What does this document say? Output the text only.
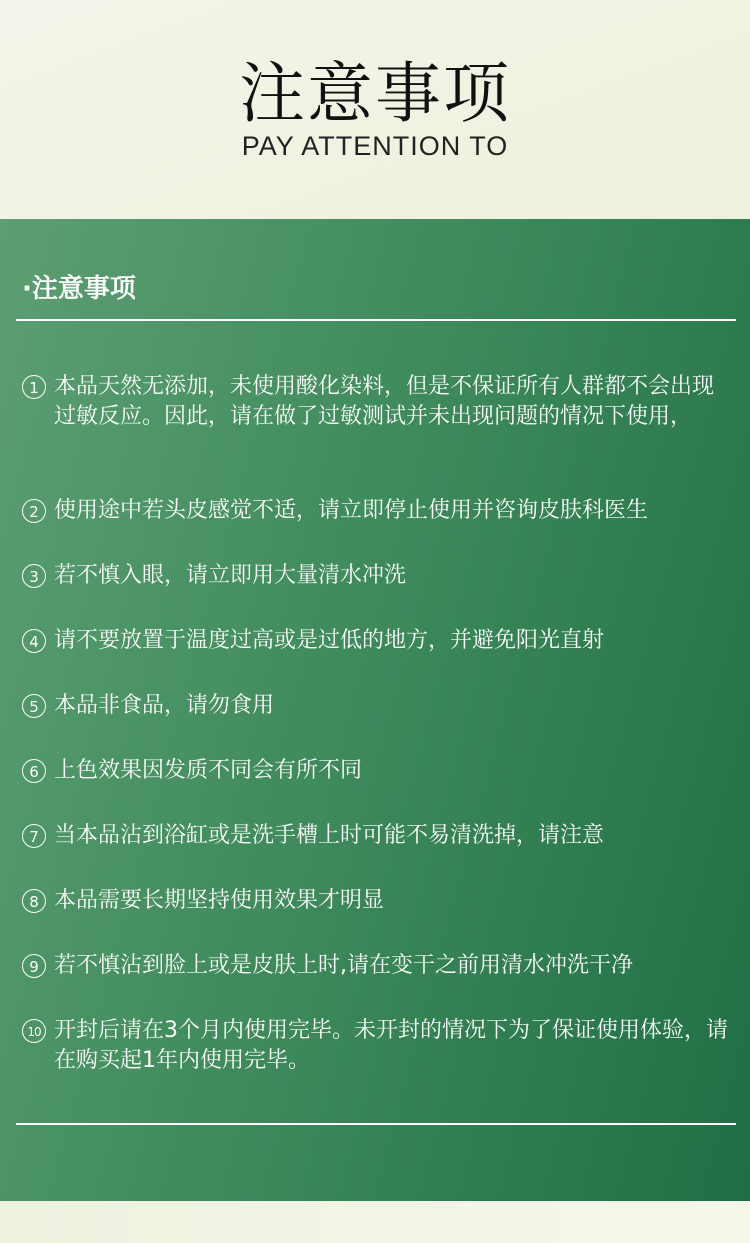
注意事项
PAY ATTENTION TO
·注意事项
1 本品天然无添加，未使用酸化染料，但是不保证所有人群都不会出现过敏反应。因此，请在做了过敏测试并未出现问题的情况下使用，
2 使用途中若头皮感觉不适，请立即停止使用并咨询皮肤科医生
3 若不慎入眼，请立即用大量清水冲洗
4 请不要放置于温度过高或是过低的地方，并避免阳光直射
5 本品非食品，请勿食用
6 上色效果因发质不同会有所不同
7 当本品沾到浴缸或是洗手槽上时可能不易清洗掉，请注意
8 本品需要长期坚持使用效果才明显
9 若不慎沾到脸上或是皮肤上时,请在变干之前用清水冲洗干净
10 开封后请在3个月内使用完毕。未开封的情况下为了保证使用体验，请在购买起1年内使用完毕。
